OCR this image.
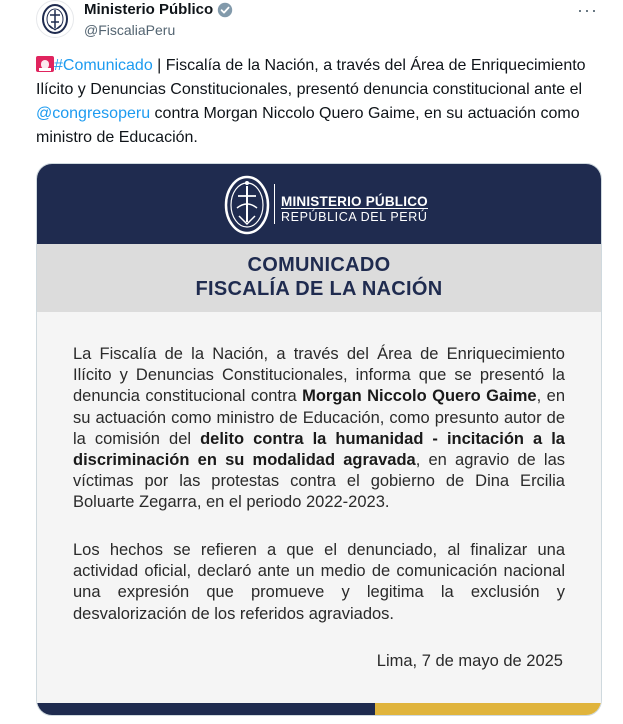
Ministerio Público
@FiscaliaPeru
···
#Comunicado | Fiscalía de la Nación, a través del Área de Enriquecimiento Ilícito y Denuncias Constitucionales, presentó denuncia constitucional ante el @congresoperu contra Morgan Niccolo Quero Gaime, en su actuación como ministro de Educación.
MINISTERIO PÚBLICO
REPÚBLICA DEL PERÚ
COMUNICADO
FISCALÍA DE LA NACIÓN

La Fiscalía de la Nación, a través del Área de Enriquecimiento Ilícito y Denuncias Constitucionales, informa que se presentó la denuncia constitucional contra Morgan Niccolo Quero Gaime, en su actuación como ministro de Educación, como presunto autor de la comisión del delito contra la humanidad - incitación a la discriminación en su modalidad agravada, en agravio de las víctimas por las protestas contra el gobierno de Dina Ercilia Boluarte Zegarra, en el periodo 2022-2023.

Los hechos se refieren a que el denunciado, al finalizar una actividad oficial, declaró ante un medio de comunicación nacional una expresión que promueve y legitima la exclusión y desvalorización de los referidos agraviados.

Lima, 7 de mayo de 2025
